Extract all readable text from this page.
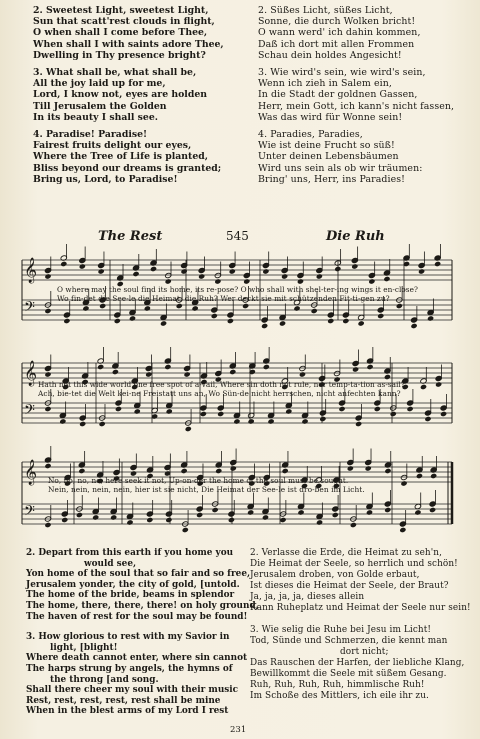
2. Sweetest Light, sweetest Light,

Sun that scatt'rest clouds in flight,

O when shall I come before Thee,

When shall I with saints adore Thee,

Dwelling in Thy presence bright?

3. What shall be, what shall be,

All the joy laid up for me,

Lord, I know not, eyes are holden

Till Jerusalem the Golden

In its beauty I shall see.

4. Paradise! Paradise!

Fairest fruits delight our eyes,

Where the Tree of Life is planted,

Bliss beyond our dreams is granted;

Bring us, Lord, to Paradise!

2. Süßes Licht, süßes Licht,

Sonne, die durch Wolken bricht!

O wann werd' ich dahin kommen,

Daß ich dort mit allen Frommen

Schau dein holdes Angesicht!

3. Wie wird's sein, wie wird's sein,

Wenn ich zieh in Salem ein,

In die Stadt der goldnen Gassen,

Herr, mein Gott, ich kann's nicht fassen,

Was das wird für Wonne sein!

4. Paradies, Paradies,

Wie ist deine Frucht so süß!

Unter deinen Lebensbäumen

Wird uns sein als ob wir träumen:

Bring' uns, Herr, ins Paradies!

The Rest	545	Die Ruh
𝄞
𝄢
𝄞
𝄢
𝄞
𝄢
O where may the soul find its home, its re-pose? O who shall with shel-ter-ing wings it en-close?
Wo fin-det die See-le die Heimat, die Ruh? Wer deckt sie mit schützenden Fit-ti-gen zu?
Hath not this wide world one free spot of a-vail, Where sin doth not rule, nor temp-ta-tion as-sail?
Ach, bie-tet die Welt kei-ne Freistatt uns an, Wo Sün-de nicht herrschen, nicht anfechten kann?
No, no, no, no, here seek it not, Up-on-der the home of the soul must be sought.
Nein, nein, nein, nein, hier ist sie nicht, Die Heimat der See-le ist dro-ben im Licht.

2. Depart from this earth if you home you

would see,

Yon home of the soul that so fair and so free,

Jerusalem yonder, the city of gold, [untold.

The home of the bride, beams in splendor

The home, there, there, there! on holy ground,

The haven of rest for the soul may be found!

3. How glorious to rest with my Savior in

light, [blight!

Where death cannot enter, where sin cannot

The harps strung by angels, the hymns of

the throng [and song.

Shall there cheer my soul with their music

Rest, rest, rest, rest, rest shall be mine

When in the blest arms of my Lord I rest

2. Verlasse die Erde, die Heimat zu seh'n,

Die Heimat der Seele, so herrlich und schön!

Jerusalem droben, von Golde erbaut,

Ist dieses die Heimat der Seele, der Braut?

Ja, ja, ja, ja, dieses allein

Kann Ruheplatz und Heimat der Seele nur sein!

3. Wie selig die Ruhe bei Jesu im Licht!

Tod, Sünde und Schmerzen, die kennt man

dort nicht;

Das Rauschen der Harfen, der liebliche Klang,

Bewillkommt die Seele mit süßem Gesang.

Ruh, Ruh, Ruh, Ruh, himmlische Ruh!

Im Schoße des Mittlers, ich eile ihr zu.

231
